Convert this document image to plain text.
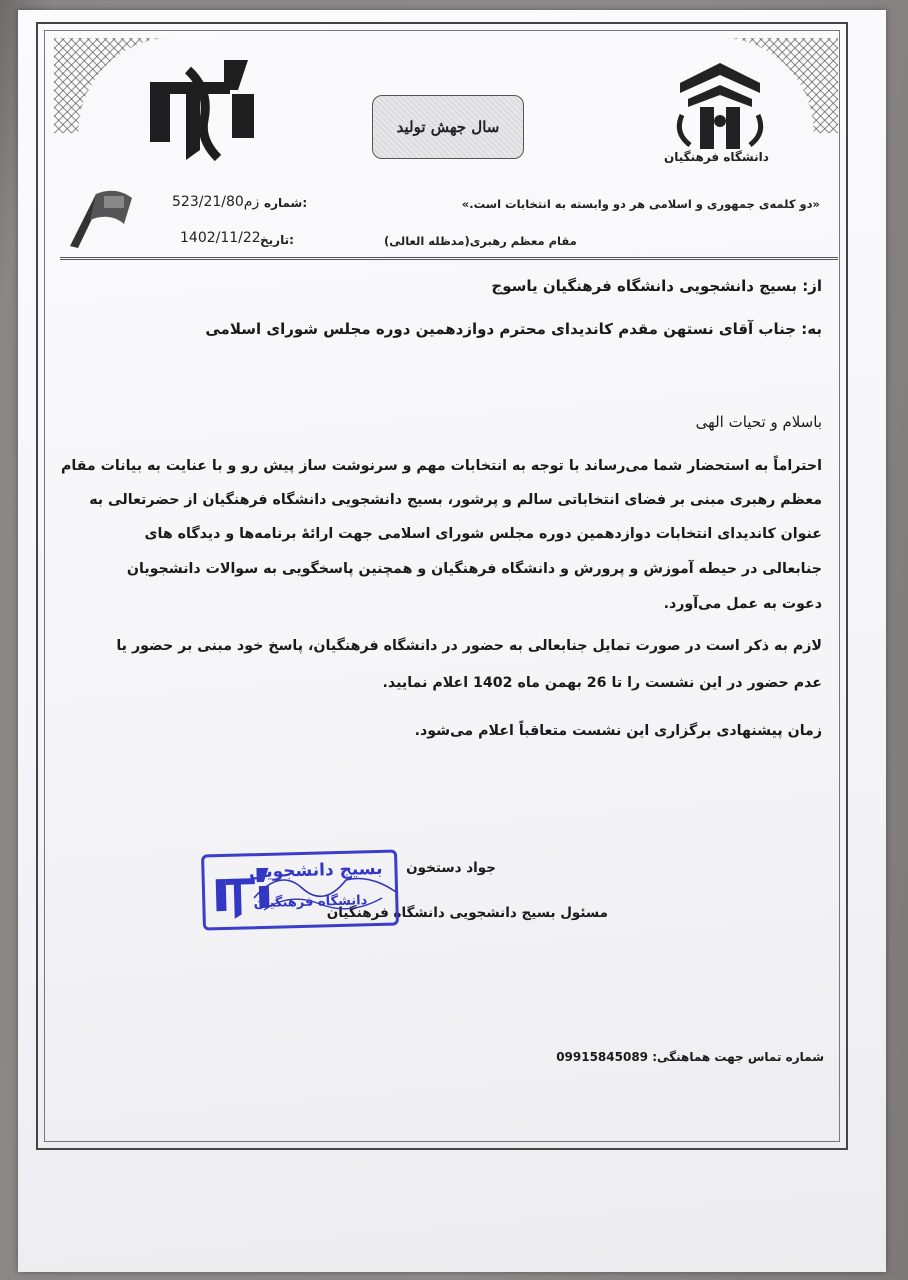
دانشگاه فرهنگیان
سال جهش تولید
«دو کلمه‌ی جمهوری و اسلامی هر دو وابسته به انتخابات است.»
مقام معظم رهبری(مدظله العالی)
شماره:
523/21/80زم
تاریخ:
1402/11/22
از: بسیج دانشجویی دانشگاه فرهنگیان یاسوج
به: جناب آقای نستهن مقدم کاندیدای محترم دوازدهمین دوره مجلس شورای اسلامی
باسلام و تحیات الهی
احتراماً به استحضار شما می‌رساند با توجه به انتخابات مهم و سرنوشت ساز پیش رو و با عنایت به بیانات مقام
معظم رهبری مبنی بر فضای انتخاباتی سالم و پرشور، بسیج دانشجویی دانشگاه فرهنگیان از حضرتعالی به
عنوان کاندیدای انتخابات دوازدهمین دوره مجلس شورای اسلامی جهت ارائهٔ برنامه‌ها و دیدگاه های
جنابعالی در حیطه آموزش و پرورش و دانشگاه فرهنگیان و همچنین پاسخگویی به سوالات دانشجویان
دعوت به عمل می‌آورد.
لازم به ذکر است در صورت تمایل جنابعالی به حضور در دانشگاه فرهنگیان، پاسخ خود مبنی بر حضور یا
عدم حضور در این نشست را تا 26 بهمن ماه 1402 اعلام نمایید.
زمان پیشنهادی برگزاری این نشست متعاقباً اعلام می‌شود.
جواد دستخون
مسئول بسیج دانشجویی دانشگاه فرهنگیان
بسیج دانشجویی
دانشگاه فرهنگیان
شماره تماس جهت هماهنگی: 09915845089
